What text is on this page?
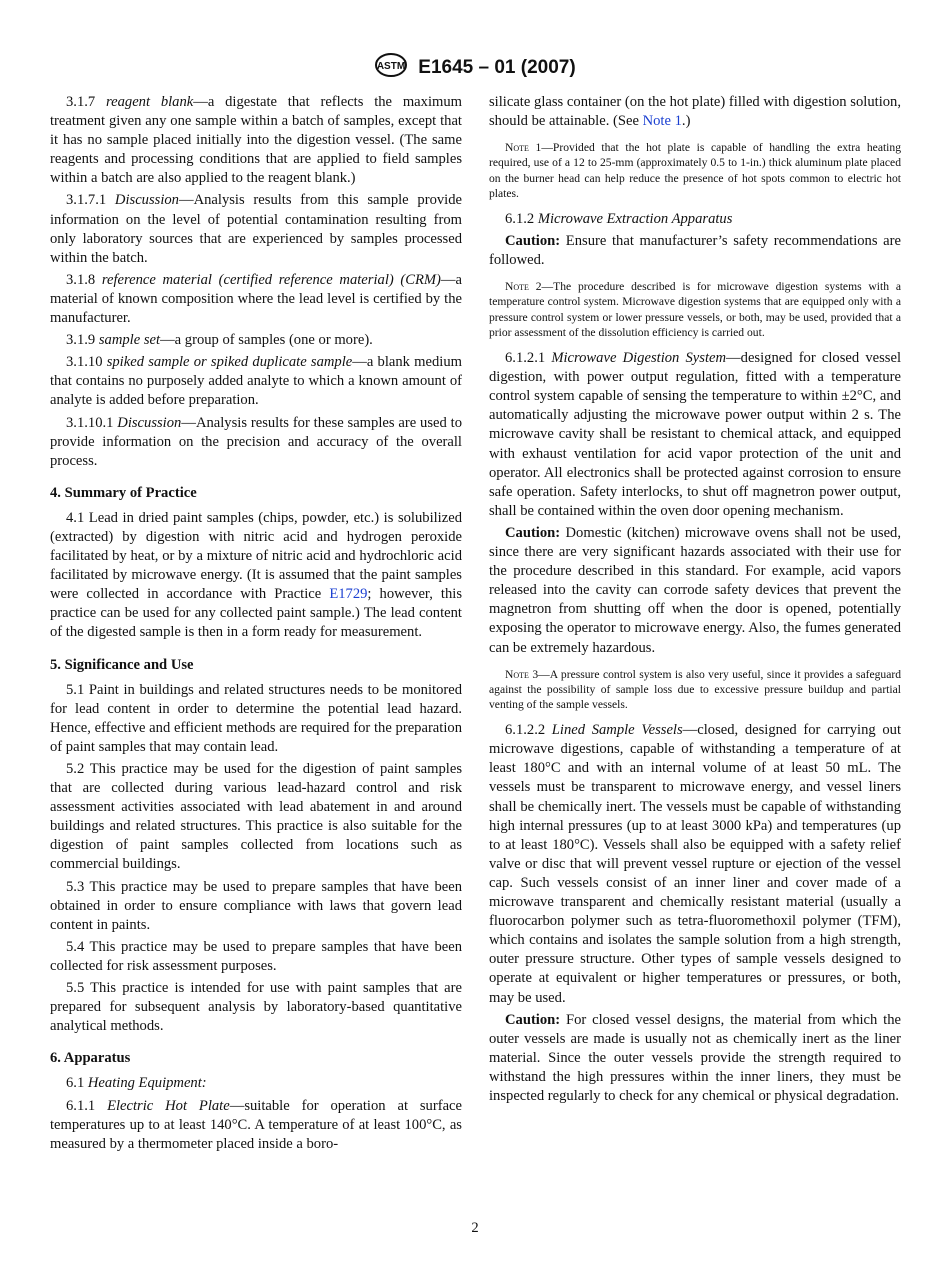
ASTM E1645 – 01 (2007)
3.1.7 reagent blank—a digestate that reflects the maximum treatment given any one sample within a batch of samples, except that it has no sample placed initially into the digestion vessel. (The same reagents and processing conditions that are applied to field samples within a batch are also applied to the reagent blank.)
3.1.7.1 Discussion—Analysis results from this sample provide information on the level of potential contamination resulting from only laboratory sources that are experienced by samples processed within the batch.
3.1.8 reference material (certified reference material) (CRM)—a material of known composition where the lead level is certified by the manufacturer.
3.1.9 sample set—a group of samples (one or more).
3.1.10 spiked sample or spiked duplicate sample—a blank medium that contains no purposely added analyte to which a known amount of analyte is added before preparation.
3.1.10.1 Discussion—Analysis results for these samples are used to provide information on the precision and accuracy of the overall process.
4. Summary of Practice
4.1 Lead in dried paint samples (chips, powder, etc.) is solubilized (extracted) by digestion with nitric acid and hydrogen peroxide facilitated by heat, or by a mixture of nitric acid and hydrochloric acid facilitated by microwave energy. (It is assumed that the paint samples were collected in accordance with Practice E1729; however, this practice can be used for any collected paint sample.) The lead content of the digested sample is then in a form ready for measurement.
5. Significance and Use
5.1 Paint in buildings and related structures needs to be monitored for lead content in order to determine the potential lead hazard. Hence, effective and efficient methods are required for the preparation of paint samples that may contain lead.
5.2 This practice may be used for the digestion of paint samples that are collected during various lead-hazard control and risk assessment activities associated with lead abatement in and around buildings and related structures. This practice is also suitable for the digestion of paint samples collected from locations such as commercial buildings.
5.3 This practice may be used to prepare samples that have been obtained in order to ensure compliance with laws that govern lead content in paints.
5.4 This practice may be used to prepare samples that have been collected for risk assessment purposes.
5.5 This practice is intended for use with paint samples that are prepared for subsequent analysis by laboratory-based quantitative analytical methods.
6. Apparatus
6.1 Heating Equipment:
6.1.1 Electric Hot Plate—suitable for operation at surface temperatures up to at least 140°C. A temperature of at least 100°C, as measured by a thermometer placed inside a boro-
silicate glass container (on the hot plate) filled with digestion solution, should be attainable. (See Note 1.)
Note 1—Provided that the hot plate is capable of handling the extra heating required, use of a 12 to 25-mm (approximately 0.5 to 1-in.) thick aluminum plate placed on the burner head can help reduce the presence of hot spots common to electric hot plates.
6.1.2 Microwave Extraction Apparatus
Caution: Ensure that manufacturer’s safety recommendations are followed.
Note 2—The procedure described is for microwave digestion systems with a temperature control system. Microwave digestion systems that are equipped only with a pressure control system or lower pressure vessels, or both, may be used, provided that a prior assessment of the dissolution efficiency is carried out.
6.1.2.1 Microwave Digestion System—designed for closed vessel digestion, with power output regulation, fitted with a temperature control system capable of sensing the temperature to within ±2°C, and automatically adjusting the microwave power output within 2 s. The microwave cavity shall be resistant to chemical attack, and equipped with exhaust ventilation for acid vapor protection of the unit and operator. All electronics shall be protected against corrosion to ensure safe operation. Safety interlocks, to shut off magnetron power output, shall be contained within the oven door opening mechanism.
Caution: Domestic (kitchen) microwave ovens shall not be used, since there are very significant hazards associated with their use for the procedure described in this standard. For example, acid vapors released into the cavity can corrode safety devices that prevent the magnetron from shutting off when the door is opened, potentially exposing the operator to microwave energy. Also, the fumes generated can be extremely hazardous.
Note 3—A pressure control system is also very useful, since it provides a safeguard against the possibility of sample loss due to excessive pressure buildup and partial venting of the sample vessels.
6.1.2.2 Lined Sample Vessels—closed, designed for carrying out microwave digestions, capable of withstanding a temperature of at least 180°C and with an internal volume of at least 50 mL. The vessels must be transparent to microwave energy, and vessel liners shall be chemically inert. The vessels must be capable of withstanding high internal pressures (up to at least 3000 kPa) and temperatures (up to at least 180°C). Vessels shall also be equipped with a safety relief valve or disc that will prevent vessel rupture or ejection of the vessel cap. Such vessels consist of an inner liner and cover made of a microwave transparent and chemically resistant material (usually a fluorocarbon polymer such as tetra-fluoromethoxil polymer (TFM), which contains and isolates the sample solution from a high strength, outer pressure structure. Other types of sample vessels designed to operate at equivalent or higher temperatures or pressures, or both, may be used.
Caution: For closed vessel designs, the material from which the outer vessels are made is usually not as chemically inert as the liner material. Since the outer vessels provide the strength required to withstand the high pressures within the inner liners, they must be inspected regularly to check for any chemical or physical degradation.
2
